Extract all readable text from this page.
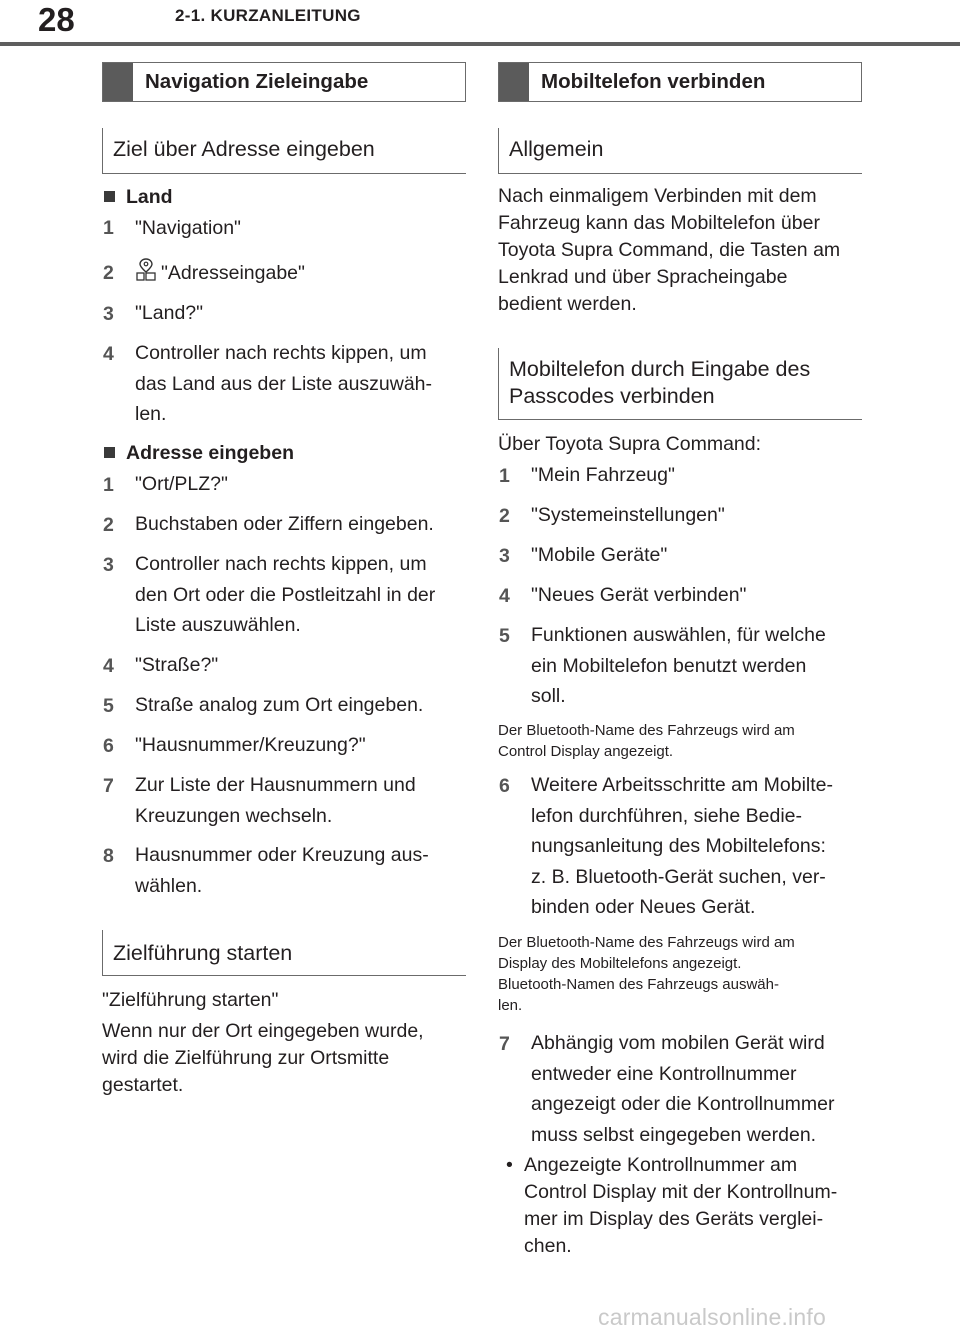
28	2-1. KURZANLEITUNG
Navigation Zieleingabe
Ziel über Adresse eingeben
Land
1 "Navigation"
2	"Adresseingabe"
3 "Land?"
4 Controller nach rechts kippen, um
das Land aus der Liste auszuwäh-
len.
Adresse eingeben
1 "Ort/PLZ?"
2 Buchstaben oder Ziffern eingeben.
3 Controller nach rechts kippen, um
den Ort oder die Postleitzahl in der
Liste auszuwählen.
4 "Straße?"
5 Straße analog zum Ort eingeben.
6 "Hausnummer/Kreuzung?"
7 Zur Liste der Hausnummern und
Kreuzungen wechseln.
8 Hausnummer oder Kreuzung aus-
wählen.
Zielführung starten
"Zielführung starten"
Wenn nur der Ort eingegeben wurde,
wird die Zielführung zur Ortsmitte
gestartet.
Mobiltelefon verbinden
Allgemein
Nach einmaligem Verbinden mit dem
Fahrzeug kann das Mobiltelefon über
Toyota Supra Command, die Tasten am
Lenkrad und über Spracheingabe
bedient werden.
Mobiltelefon durch Eingabe des
Passcodes verbinden
Über Toyota Supra Command:
1 "Mein Fahrzeug"
2 "Systemeinstellungen"
3 "Mobile Geräte"
4 "Neues Gerät verbinden"
5 Funktionen auswählen, für welche
ein Mobiltelefon benutzt werden
soll.
Der Bluetooth-Name des Fahrzeugs wird am
Control Display angezeigt.
6 Weitere Arbeitsschritte am Mobilte-
lefon durchführen, siehe Bedie-
nungsanleitung des Mobiltelefons:
z. B. Bluetooth-Gerät suchen, ver-
binden oder Neues Gerät.
Der Bluetooth-Name des Fahrzeugs wird am
Display des Mobiltelefons angezeigt.
Bluetooth-Namen des Fahrzeugs auswäh-
len.
7 Abhängig vom mobilen Gerät wird
entweder eine Kontrollnummer
angezeigt oder die Kontrollnummer
muss selbst eingegeben werden.
• Angezeigte Kontrollnummer am
Control Display mit der Kontrollnum-
mer im Display des Geräts verglei-
chen.
carmanualsonline.info
